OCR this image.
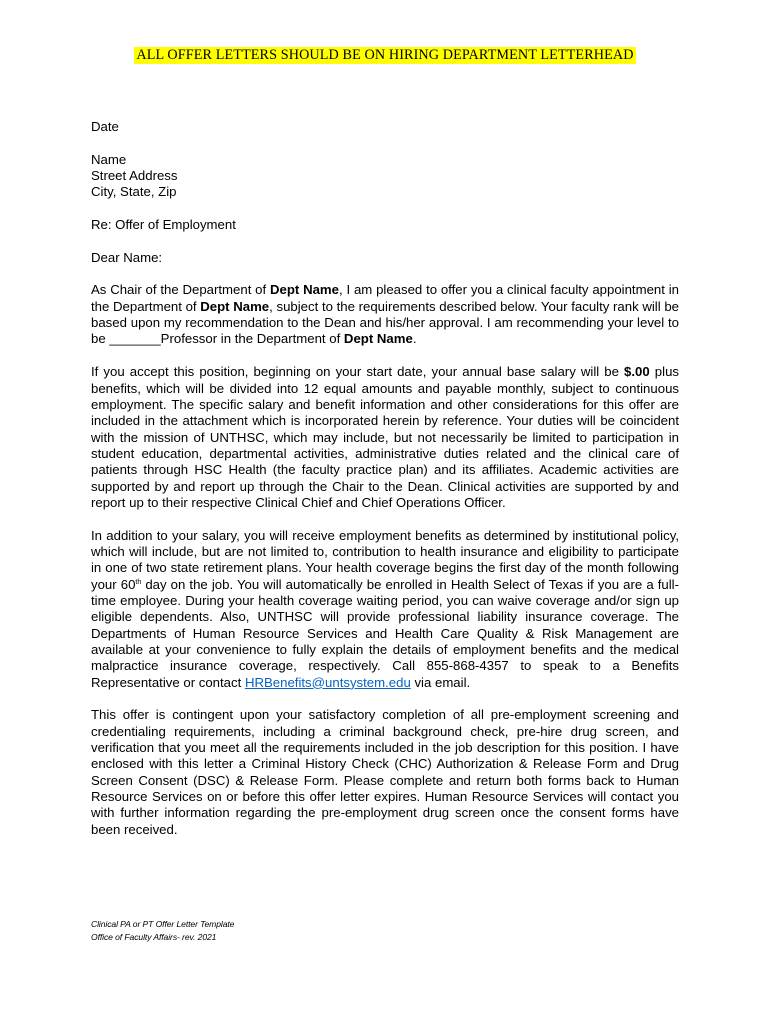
ALL OFFER LETTERS SHOULD BE ON HIRING DEPARTMENT LETTERHEAD

Date

Name
Street Address
City, State, Zip

Re: Offer of Employment

Dear Name:

As Chair of the Department of Dept Name, I am pleased to offer you a clinical faculty appointment in the Department of Dept Name, subject to the requirements described below. Your faculty rank will be based upon my recommendation to the Dean and his/her approval. I am recommending your level to be _______Professor in the Department of Dept Name.

If you accept this position, beginning on your start date, your annual base salary will be $.00 plus benefits, which will be divided into 12 equal amounts and payable monthly, subject to continuous employment. The specific salary and benefit information and other considerations for this offer are included in the attachment which is incorporated herein by reference. Your duties will be coincident with the mission of UNTHSC, which may include, but not necessarily be limited to participation in student education, departmental activities, administrative duties related and the clinical care of patients through HSC Health (the faculty practice plan) and its affiliates. Academic activities are supported by and report up through the Chair to the Dean. Clinical activities are supported by and report up to their respective Clinical Chief and Chief Operations Officer.

In addition to your salary, you will receive employment benefits as determined by institutional policy, which will include, but are not limited to, contribution to health insurance and eligibility to participate in one of two state retirement plans. Your health coverage begins the first day of the month following your 60th day on the job. You will automatically be enrolled in Health Select of Texas if you are a full-time employee. During your health coverage waiting period, you can waive coverage and/or sign up eligible dependents. Also, UNTHSC will provide professional liability insurance coverage. The Departments of Human Resource Services and Health Care Quality & Risk Management are available at your convenience to fully explain the details of employment benefits and the medical malpractice insurance coverage, respectively. Call 855-868-4357 to speak to a Benefits Representative or contact HRBenefits@untsystem.edu via email.

This offer is contingent upon your satisfactory completion of all pre-employment screening and credentialing requirements, including a criminal background check, pre-hire drug screen, and verification that you meet all the requirements included in the job description for this position. I have enclosed with this letter a Criminal History Check (CHC) Authorization & Release Form and Drug Screen Consent (DSC) & Release Form. Please complete and return both forms back to Human Resource Services on or before this offer letter expires. Human Resource Services will contact you with further information regarding the pre-employment drug screen once the consent forms have been received.

Clinical PA or PT Offer Letter Template
Office of Faculty Affairs- rev. 2021
